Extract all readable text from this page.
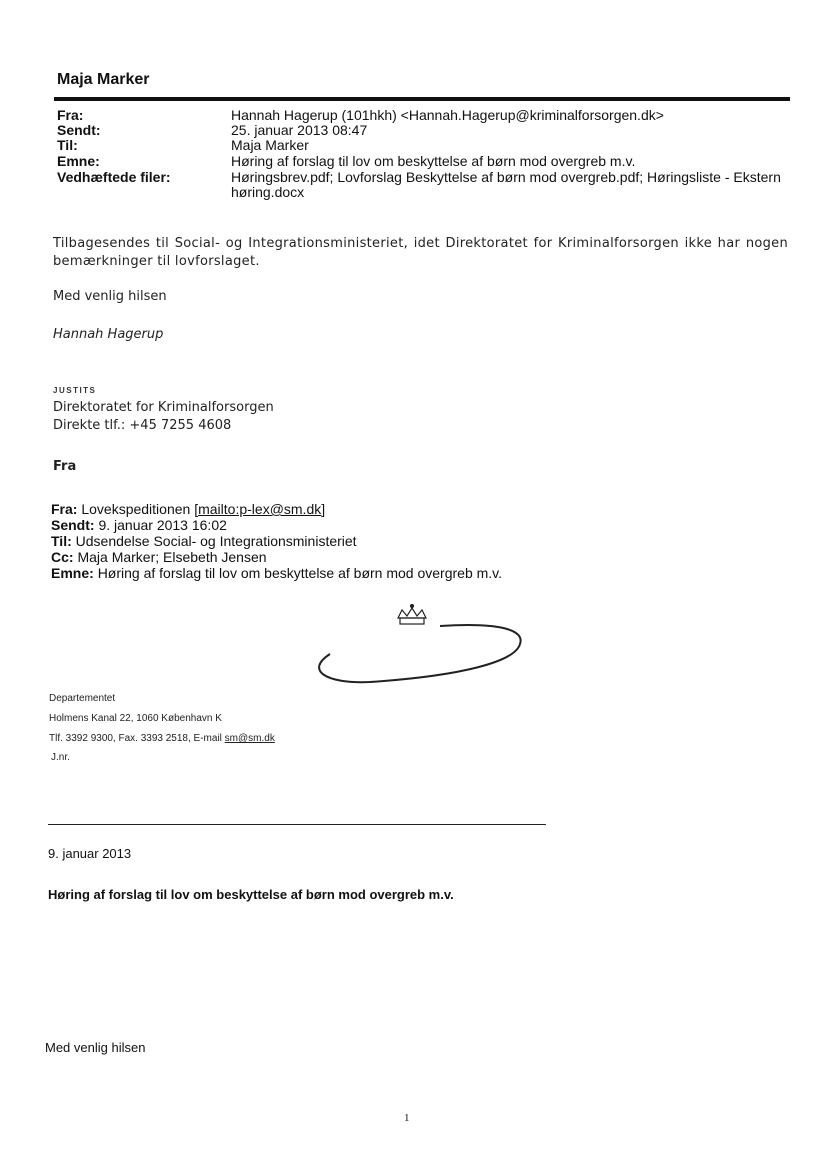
Maja Marker
Fra:	Hannah Hagerup (101hkh) <Hannah.Hagerup@kriminalforsorgen.dk>
Sendt:	25. januar 2013 08:47
Til:	Maja Marker
Emne:	Høring af forslag til lov om beskyttelse af børn mod overgreb m.v.
Vedhæftede filer:	Høringsbrev.pdf; Lovforslag Beskyttelse af børn mod overgreb.pdf; Høringsliste - Ekstern høring.docx
Tilbagesendes til Social- og Integrationsministeriet, idet Direktoratet for Kriminalforsorgen ikke har nogen bemærkninger til lovforslaget.
Med venlig hilsen
Hannah Hagerup
JUSTITS
Direktoratet for Kriminalforsorgen
Direkte tlf.: +45 7255 4608
Fra
Fra: Lovekspeditionen [mailto:p-lex@sm.dk]
Sendt: 9. januar 2013 16:02
Til: Udsendelse Social- og Integrationsministeriet
Cc: Maja Marker; Elsebeth Jensen
Emne: Høring af forslag til lov om beskyttelse af børn mod overgreb m.v.
Departementet
Holmens Kanal 22, 1060 København K
Tlf. 3392 9300, Fax. 3393 2518, E-mail sm@sm.dk
J.nr.
9. januar 2013
Høring af forslag til lov om beskyttelse af børn mod overgreb m.v.
Med venlig hilsen
1
